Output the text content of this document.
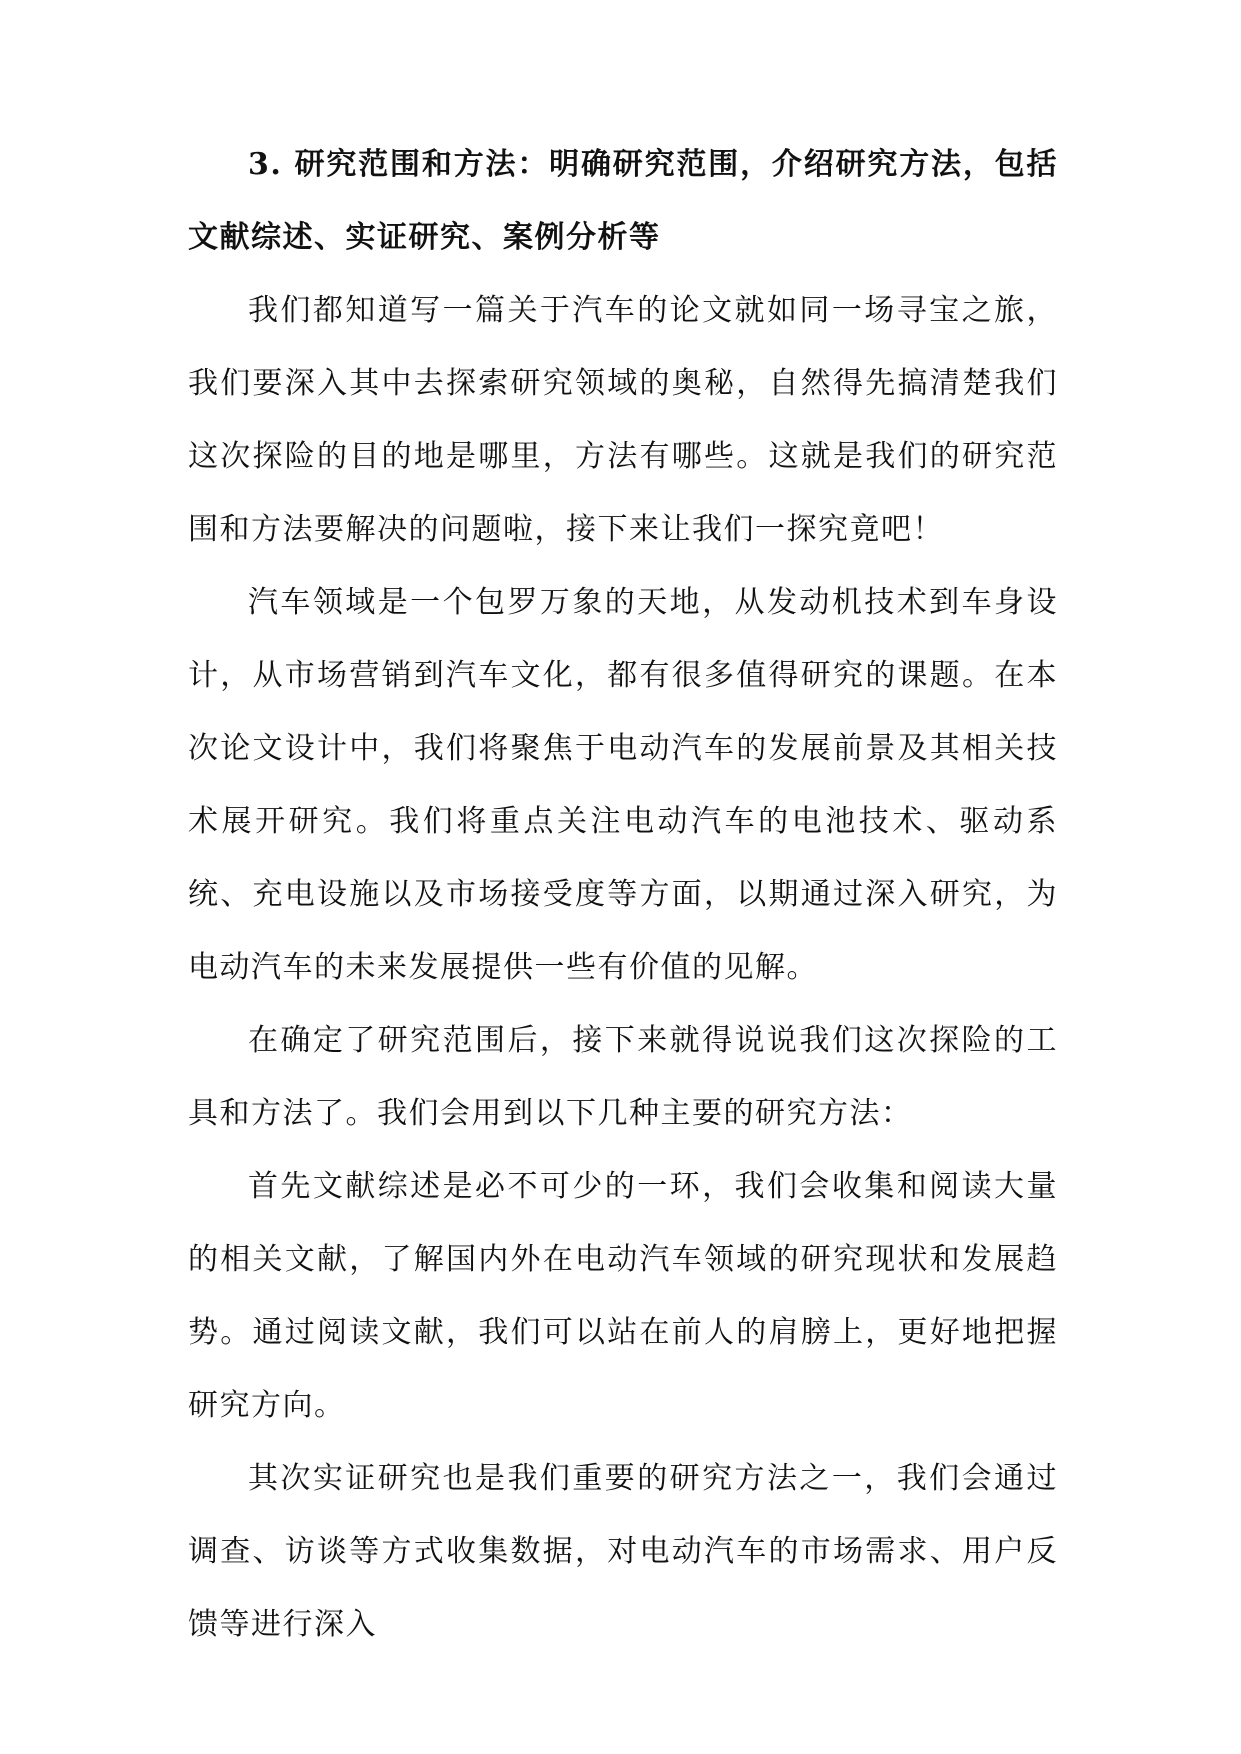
3. 研究范围和方法：明确研究范围，介绍研究方法，包括文献综述、实证研究、案例分析等

我们都知道写一篇关于汽车的论文就如同一场寻宝之旅，我们要深入其中去探索研究领域的奥秘，自然得先搞清楚我们这次探险的目的地是哪里，方法有哪些。这就是我们的研究范围和方法要解决的问题啦，接下来让我们一探究竟吧！

汽车领域是一个包罗万象的天地，从发动机技术到车身设计，从市场营销到汽车文化，都有很多值得研究的课题。在本次论文设计中，我们将聚焦于电动汽车的发展前景及其相关技术展开研究。我们将重点关注电动汽车的电池技术、驱动系统、充电设施以及市场接受度等方面，以期通过深入研究，为电动汽车的未来发展提供一些有价值的见解。

在确定了研究范围后，接下来就得说说我们这次探险的工具和方法了。我们会用到以下几种主要的研究方法：

首先文献综述是必不可少的一环，我们会收集和阅读大量的相关文献，了解国内外在电动汽车领域的研究现状和发展趋势。通过阅读文献，我们可以站在前人的肩膀上，更好地把握研究方向。

其次实证研究也是我们重要的研究方法之一，我们会通过调查、访谈等方式收集数据，对电动汽车的市场需求、用户反馈等进行深入
